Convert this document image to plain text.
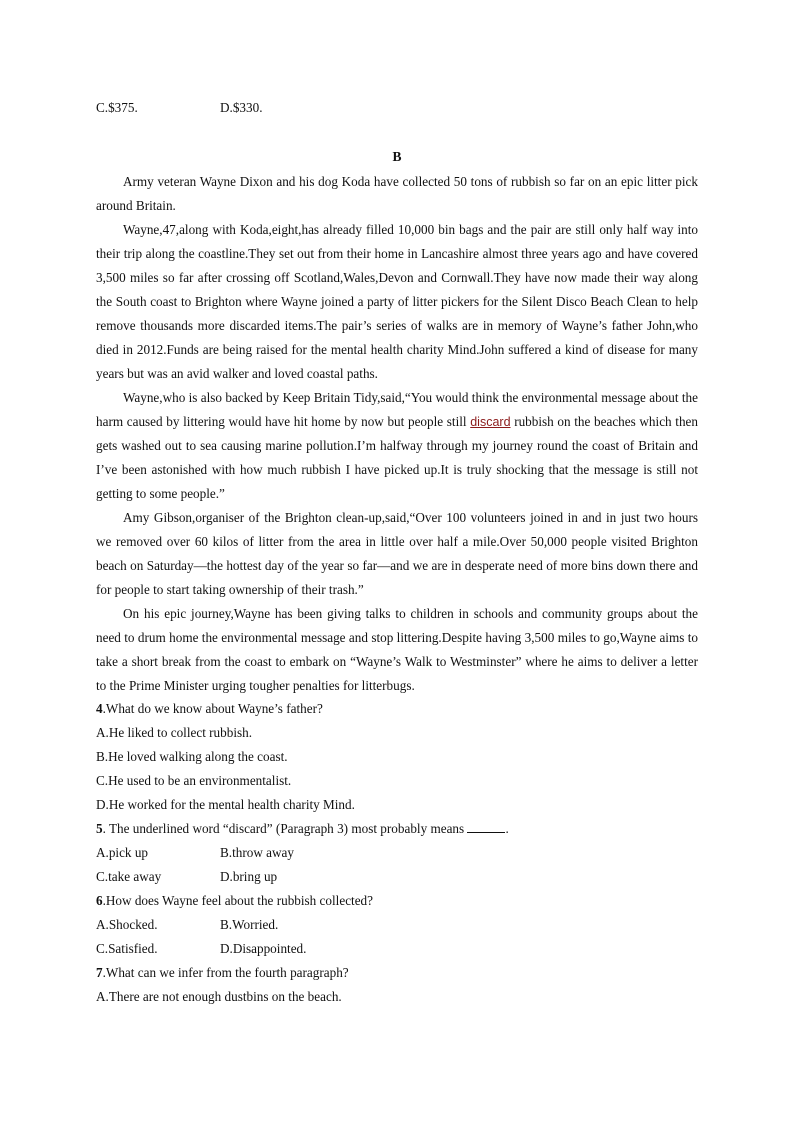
C.$375.	D.$330.
B

Army veteran Wayne Dixon and his dog Koda have collected 50 tons of rubbish so far on an epic litter pick around Britain.

Wayne,47,along with Koda,eight,has already filled 10,000 bin bags and the pair are still only half way into their trip along the coastline.They set out from their home in Lancashire almost three years ago and have covered 3,500 miles so far after crossing off Scotland,Wales,Devon and Cornwall.They have now made their way along the South coast to Brighton where Wayne joined a party of litter pickers for the Silent Disco Beach Clean to help remove thousands more discarded items.The pair’s series of walks are in memory of Wayne’s father John,who died in 2012.Funds are being raised for the mental health charity Mind.John suffered a kind of disease for many years but was an avid walker and loved coastal paths.

Wayne,who is also backed by Keep Britain Tidy,said,“You would think the environmental message about the harm caused by littering would have hit home by now but people still discard rubbish on the beaches which then gets washed out to sea causing marine pollution.I’m halfway through my journey round the coast of Britain and I’ve been astonished with how much rubbish I have picked up.It is truly shocking that the message is still not getting to some people.”

Amy Gibson,organiser of the Brighton clean-up,said,“Over 100 volunteers joined in and in just two hours we removed over 60 kilos of litter from the area in little over half a mile.Over 50,000 people visited Brighton beach on Saturday—the hottest day of the year so far—and we are in desperate need of more bins down there and for people to start taking ownership of their trash.”

On his epic journey,Wayne has been giving talks to children in schools and community groups about the need to drum home the environmental message and stop littering.Despite having 3,500 miles to go,Wayne aims to take a short break from the coast to embark on “Wayne’s Walk to Westminster” where he aims to deliver a letter to the Prime Minister urging tougher penalties for litterbugs.

4.What do we know about Wayne’s father?
A.He liked to collect rubbish.
B.He loved walking along the coast.
C.He used to be an environmentalist.
D.He worked for the mental health charity Mind.
5. The underlined word “discard” (Paragraph 3) most probably means	.
A.pick up	B.throw away
C.take away	D.bring up
6.How does Wayne feel about the rubbish collected?
A.Shocked.	B.Worried.
C.Satisfied.	D.Disappointed.
7.What can we infer from the fourth paragraph?
A.There are not enough dustbins on the beach.
